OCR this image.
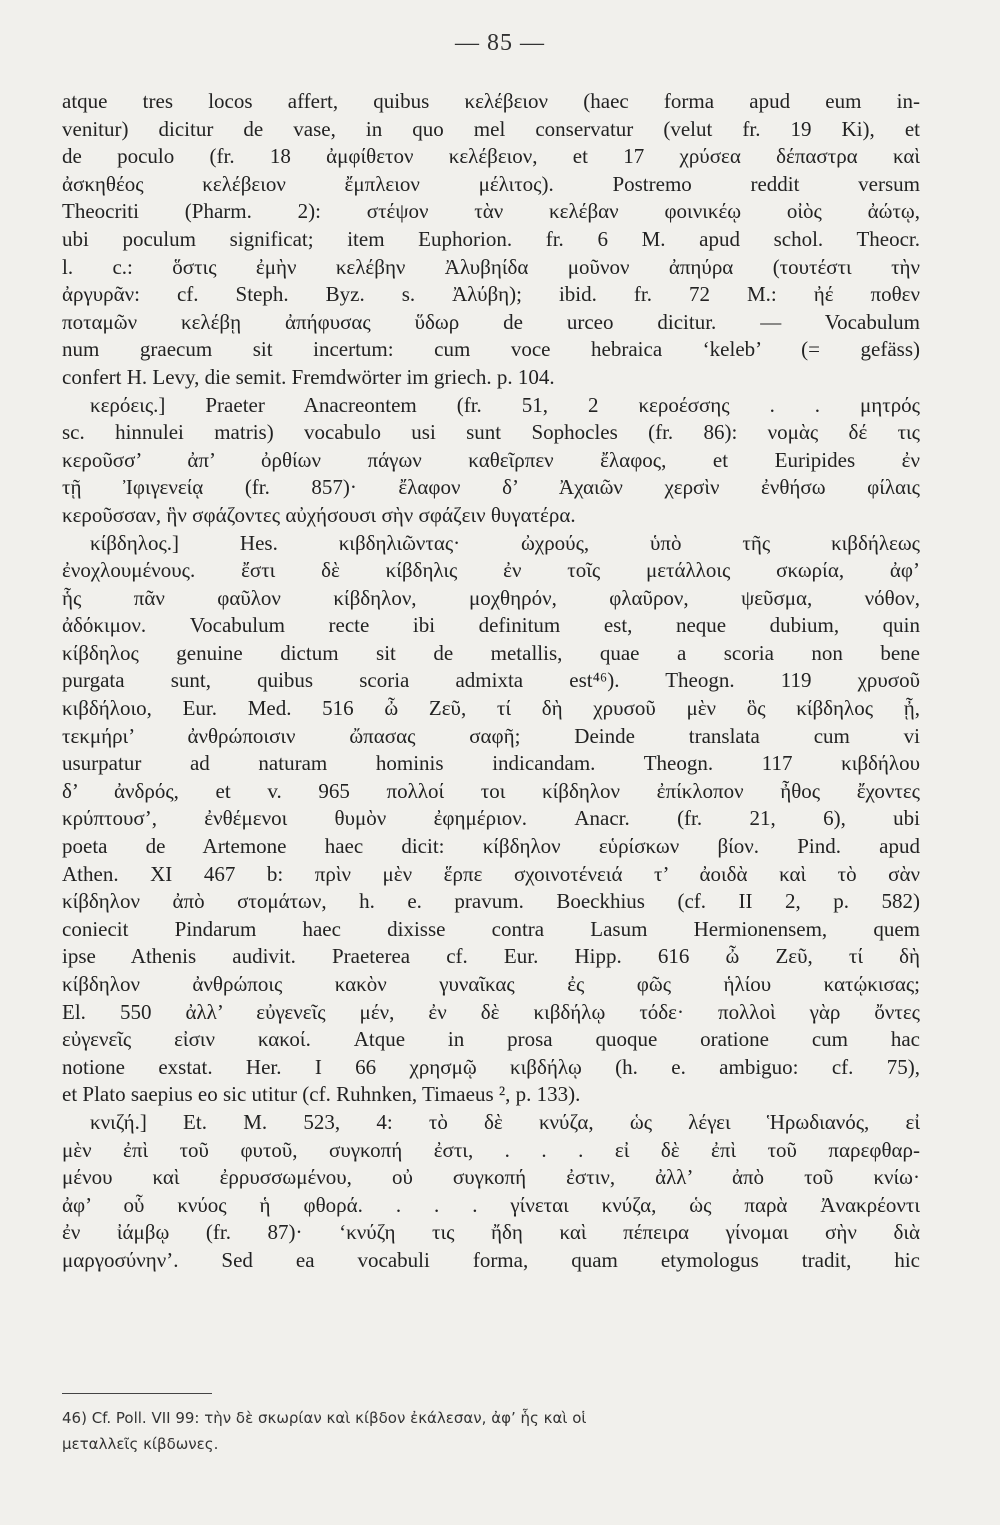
— 85 —
atque tres locos affert, quibus κελέβειον (haec forma apud eum in-
venitur) dicitur de vase, in quo mel conservatur (velut fr. 19 Ki), et
de poculo (fr. 18 ἀμφίθετον κελέβειον, et 17 χρύσεα δέπαστρα καὶ
ἀσκηθέος κελέβειον ἔμπλειον μέλιτος). Postremo reddit versum
Theocriti (Pharm. 2): στέψον τὰν κελέβαν φοινικέῳ οἰὸς ἀώτῳ,
ubi poculum significat; item Euphorion. fr. 6 M. apud schol. Theocr.
l. c.: ὅστις ἐμὴν κελέβην Ἀλυβηίδα μοῦνον ἀπηύρα (τουτέστι τὴν
ἀργυρᾶν: cf. Steph. Byz. s. Ἀλύβη); ibid. fr. 72 M.: ἠέ ποθεν
ποταμῶν κελέβῃ ἀπήφυσας ὕδωρ de urceo dicitur. — Vocabulum
num graecum sit incertum: cum voce hebraica ‘keleb’ (= gefäss)
confert H. Levy, die semit. Fremdwörter im griech. p. 104.
κερόεις.] Praeter Anacreontem (fr. 51, 2 κεροέσσης . . μητρός
sc. hinnulei matris) vocabulo usi sunt Sophocles (fr. 86): νομὰς δέ τις
κεροῦσσ’ ἀπ’ ὀρθίων πάγων καθεῖρπεν ἔλαφος, et Euripides ἐν
τῇ Ἰφιγενείᾳ (fr. 857)· ἔλαφον δ’ Ἀχαιῶν χερσὶν ἐνθήσω φίλαις
κεροῦσσαν, ἣν σφάζοντες αὐχήσουσι σὴν σφάζειν θυγατέρα.
κίβδηλος.] Hes. κιβδηλιῶντας· ὠχρούς, ὑπὸ τῆς κιβδήλεως
ἐνοχλουμένους. ἔστι δὲ κίβδηλις ἐν τοῖς μετάλλοις σκωρία, ἀφ’
ἧς πᾶν φαῦλον κίβδηλον, μοχθηρόν, φλαῦρον, ψεῦσμα, νόθον,
ἀδόκιμον. Vocabulum recte ibi definitum est, neque dubium, quin
κίβδηλος genuine dictum sit de metallis, quae a scoria non bene
purgata sunt, quibus scoria admixta est⁴⁶). Theogn. 119 χρυσοῦ
κιβδήλοιο, Eur. Med. 516 ὦ Ζεῦ, τί δὴ χρυσοῦ μὲν ὃς κίβδηλος ᾖ,
τεκμήρι’ ἀνθρώποισιν ὤπασας σαφῆ; Deinde translata cum vi
usurpatur ad naturam hominis indicandam. Theogn. 117 κιβδήλου
δ’ ἀνδρός, et v. 965 πολλοί τοι κίβδηλον ἐπίκλοπον ἦθος ἔχοντες
κρύπτουσ’, ἐνθέμενοι θυμὸν ἐφημέριον. Anacr. (fr. 21, 6), ubi
poeta de Artemone haec dicit: κίβδηλον εὑρίσκων βίον. Pind. apud
Athen. XI 467 b: πρὶν μὲν ἕρπε σχοινοτένειά τ’ ἀοιδὰ καὶ τὸ σὰν
κίβδηλον ἀπὸ στομάτων, h. e. pravum. Boeckhius (cf. II 2, p. 582)
coniecit Pindarum haec dixisse contra Lasum Hermionensem, quem
ipse Athenis audivit. Praeterea cf. Eur. Hipp. 616 ὦ Ζεῦ, τί δὴ
κίβδηλον ἀνθρώποις κακὸν γυναῖκας ἐς φῶς ἡλίου κατῴκισας;
El. 550 ἀλλ’ εὐγενεῖς μέν, ἐν δὲ κιβδήλῳ τόδε· πολλοὶ γὰρ ὄντες
εὐγενεῖς εἰσιν κακοί. Atque in prosa quoque oratione cum hac
notione exstat. Her. I 66 χρησμῷ κιβδήλῳ (h. e. ambiguo: cf. 75),
et Plato saepius eo sic utitur (cf. Ruhnken, Timaeus ², p. 133).
κνιζή.] Et. M. 523, 4: τὸ δὲ κνύζα, ὡς λέγει Ἡρωδιανός, εἰ
μὲν ἐπὶ τοῦ φυτοῦ, συγκοπή ἐστι, . . . εἰ δὲ ἐπὶ τοῦ παρεφθαρ-
μένου καὶ ἐρρυσσωμένου, οὐ συγκοπή ἐστιν, ἀλλ’ ἀπὸ τοῦ κνίω·
ἀφ’ οὗ κνύος ἡ φθορά. . . . γίνεται κνύζα, ὡς παρὰ Ἀνακρέοντι
ἐν ἰάμβῳ (fr. 87)· ‘κνύζη τις ἤδη καὶ πέπειρα γίνομαι σὴν διὰ
μαργοσύνην’. Sed ea vocabuli forma, quam etymologus tradit, hic
46) Cf. Poll. VII 99: τὴν δὲ σκωρίαν καὶ κίβδον ἐκάλεσαν, ἀφ’ ἧς καὶ οἱ
μεταλλεῖς κίβδωνες.
